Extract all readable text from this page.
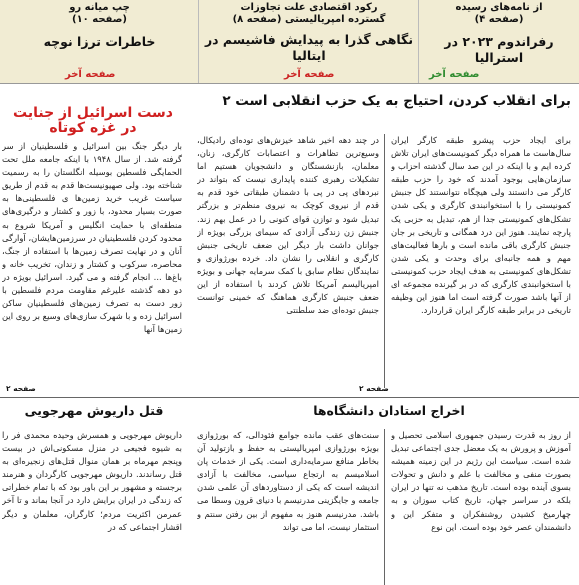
از نامه‌های رسیده
(صفحه ۴)
رفراندوم ۲۰۲۳ در استرالیا
صفحه آخر
رکود اقتصادی علت تجاوزات
گسترده امپریالیستی (صفحه ۸)
نگاهی گذرا به پیدایش فاشیسم در ایتالیا
صفحه آخر
چپ میانه رو
(صفحه ۱۰)
خاطرات ترزا نوچه
صفحه آخر
برای انقلاب کردن، احتیاج به یک حزب انقلابی است ۲
برای ایجاد حزب پیشرو طبقه کارگر ایران سال‌هاست ما همراه دیگر کمونیست‌های ایران تلاش کرده ایم و با اینکه در این صد سال گذشته احزاب و سازمان‌هایی بوجود آمدند که خود را حزب طبقه کارگر می دانستند ولی هیچگاه نتوانستند کل جنبش کمونیستی را با استخوانبندی کارگری و یکی شدن تشکل‌های کمونیستی جدا از هم، تبدیل به حزبی یک پارچه نمایند. هنوز این درد همگانی و تاریخی بر جان جنبش کارگری باقی مانده است و بارها فعالیت‌های مهم و همه جانبه‌ای برای وحدت و یکی شدن تشکل‌های کمونیستی به هدف ایجاد حزب کمونیستی با استخوانبندی کارگری که در بر گیرنده مجموعه ای از آنها باشد صورت گرفته است اما هنوز این وظیفه تاریخی در برابر طبقه کارگر ایران قراردارد.
در چند دهه اخیر شاهد خیزش‌های توده‌ای رادیکال، وسیع‌ترین تظاهرات و اعتصابات کارگری، زنان، معلمان، بازنشستگان و دانشجویان هستیم اما تشکیلات رهبری کننده پایداری نیست که بتواند در نبردهای پی در پی با دشمنان طبقاتی خود قدم به قدم از نیروی کوچک به نیروی منظم‌تر و بزرگتر تبدیل شود و توازن قوای کنونی را در عمل بهم زند. جنبش زن زندگی آزادی که سیمای بزرگی بویژه از جوانان داشت بار دیگر این ضعف تاریخی جنبش کارگری و انقلابی را نشان داد. خرده بورژوازی و نمایندگان نظام سابق با کمک سرمایه جهانی و بویژه امپریالیسم آمریکا تلاش کردند با استفاده از این ضعف جنبش کارگری هماهنگ که خمینی توانست جنبش توده‌ای ضد سلطنتی
صفحه ۲
دست اسرائیل از جنایت در غزه کوتاه
بار دیگر جنگ بین اسرائیل و فلسطینیان از سر گرفته شد. از سال ۱۹۴۸ با اینکه جامعه ملل تحت الحمایگی فلسطین بوسیله انگلستان را به رسمیت شناخته بود. ولی صهیونیست‌ها قدم به قدم از طریق سیاست غریب خرید زمین‌ها ی فلسطینی‌ها به صورت بسیار محدود، با زور و کشتار و درگیری‌های منطقه‌ای با حمایت انگلیس و آمریکا شروع به محدود کردن فلسطینیان در سرزمین‌هایشان، آوارگی آنان و در نهایت تصرف زمین‌ها با استفاده از جنگ، محاصره، سرکوب و کشتار و زندان، تخریب خانه و باغ‌ها ... انجام گرفته و می گیرد. اسرائیل بویژه در دو دهه گذشته علیرغم مقاومت مردم فلسطین با زور دست به تصرف زمین‌های فلسطینیان ساکن اسرائیل زده و با شهرک سازی‌های وسیع بر روی این زمین‌ها آنها
صفحه ۲
اخراج استادان دانشگاه‌ها
از روز به قدرت رسیدن جمهوری اسلامی تحصیل و آموزش و پرورش به یک معضل جدی اجتماعی تبدیل شده است. سیاست این رژیم در این زمینه همیشه بصورت منفی و مخالفت با علم و دانش و تحولات بسوی آینده بوده است. تاریخ مذهب نه تنها در ایران بلکه در سراسر جهان، تاریخ کتاب سوزان و به چهارمیخ کشیدن روشنفکران و متفکر این و دانشمندان عصر خود بوده است. این نوع
سنت‌های عقب مانده جوامع فئودالی، که بورژوازی بویژه بورژوازی امپریالیستی به حفظ و بازتولید آن بخاطر منافع سرمایه‌داری است. یکی از خدمات پان اسلامیسم به ارتجاع سیاسی، مخالفت با آزادی اندیشه است که یکی از دستاوردهای آن علمی شدن جامعه و جایگزینی مدرنیسم با دنیای قرون وسطا می باشد. مدرنیسم هنوز به مفهوم از بین رفتن سنتم و استثمار نیست، اما می تواند
قتل داریوش مهرجویی
داریوش مهرجویی و همسرش وحیده محمدی فر را به شیوه فجیعی در منزل مسکونی‌اش در بیست وپنجم مهرماه بر همان منوال قتل‌های زنجیره‌ای به قتل رساندند. داریوش مهرجویی کارگردان و هنرمند برجسته و مشهور بر این باور بود که با تمام خطراتی که زندگی در ایران برایش دارد در آنجا بماند و تا آخر عمرمن اکثریت مردم؛ کارگران، معلمان و دیگر اقشار اجتماعی که در
